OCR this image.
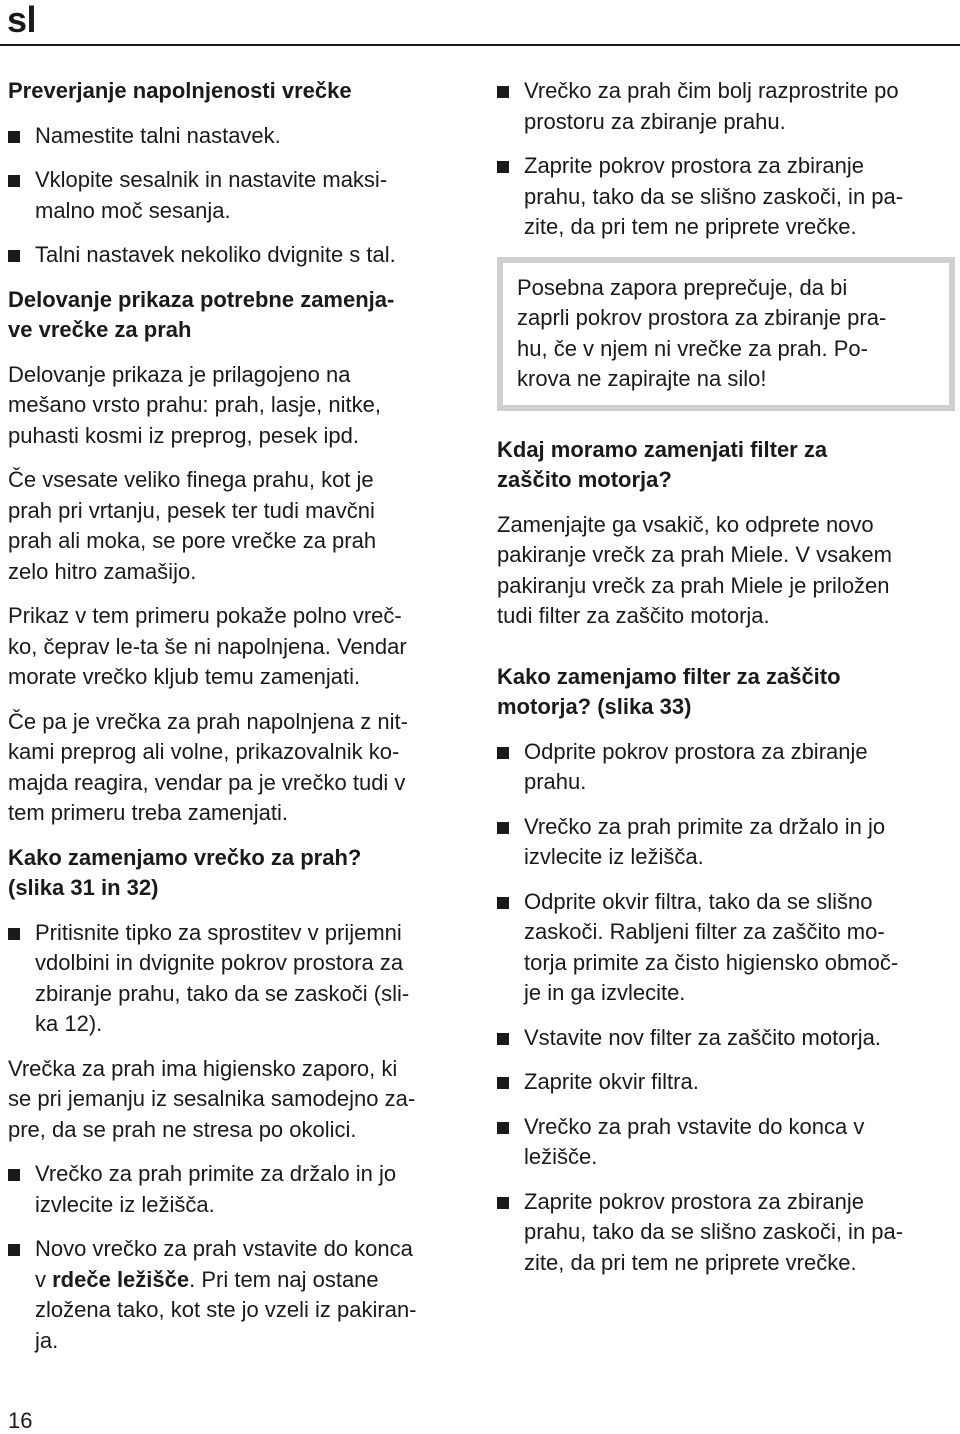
sl
Preverjanje napolnjenosti vrečke
Namestite talni nastavek.
Vklopite sesalnik in nastavite maksi-
malno moč sesanja.
Talni nastavek nekoliko dvignite s tal.
Delovanje prikaza potrebne zamenja-
ve vrečke za prah
Delovanje prikaza je prilagojeno na
mešano vrsto prahu: prah, lasje, nitke,
puhasti kosmi iz preprog, pesek ipd.
Če vsesate veliko finega prahu, kot je
prah pri vrtanju, pesek ter tudi mavčni
prah ali moka, se pore vrečke za prah
zelo hitro zamašijo.
Prikaz v tem primeru pokaže polno vreč-
ko, čeprav le-ta še ni napolnjena. Vendar
morate vrečko kljub temu zamenjati.
Če pa je vrečka za prah napolnjena z nit-
kami preprog ali volne, prikazovalnik ko-
majda reagira, vendar pa je vrečko tudi v
tem primeru treba zamenjati.
Kako zamenjamo vrečko za prah?
(slika 31 in 32)
Pritisnite tipko za sprostitev v prijemni
vdolbini in dvignite pokrov prostora za
zbiranje prahu, tako da se zaskoči (sli-
ka 12).
Vrečka za prah ima higiensko zaporo, ki
se pri jemanju iz sesalnika samodejno za-
pre, da se prah ne stresa po okolici.
Vrečko za prah primite za držalo in jo
izvlecite iz ležišča.
Novo vrečko za prah vstavite do konca
v rdeče ležišče. Pri tem naj ostane
zložena tako, kot ste jo vzeli iz pakiran-
ja.
Vrečko za prah čim bolj razprostrite po
prostoru za zbiranje prahu.
Zaprite pokrov prostora za zbiranje
prahu, tako da se slišno zaskoči, in pa-
zite, da pri tem ne priprete vrečke.
Posebna zapora preprečuje, da bi
zaprli pokrov prostora za zbiranje pra-
hu, če v njem ni vrečke za prah. Po-
krova ne zapirajte na silo!
Kdaj moramo zamenjati filter za
zaščito motorja?
Zamenjajte ga vsakič, ko odprete novo
pakiranje vrečk za prah Miele. V vsakem
pakiranju vrečk za prah Miele je priložen
tudi filter za zaščito motorja.
Kako zamenjamo filter za zaščito
motorja? (slika 33)
Odprite pokrov prostora za zbiranje
prahu.
Vrečko za prah primite za držalo in jo
izvlecite iz ležišča.
Odprite okvir filtra, tako da se slišno
zaskoči. Rabljeni filter za zaščito mo-
torja primite za čisto higiensko območ-
je in ga izvlecite.
Vstavite nov filter za zaščito motorja.
Zaprite okvir filtra.
Vrečko za prah vstavite do konca v
ležišče.
Zaprite pokrov prostora za zbiranje
prahu, tako da se slišno zaskoči, in pa-
zite, da pri tem ne priprete vrečke.
16
